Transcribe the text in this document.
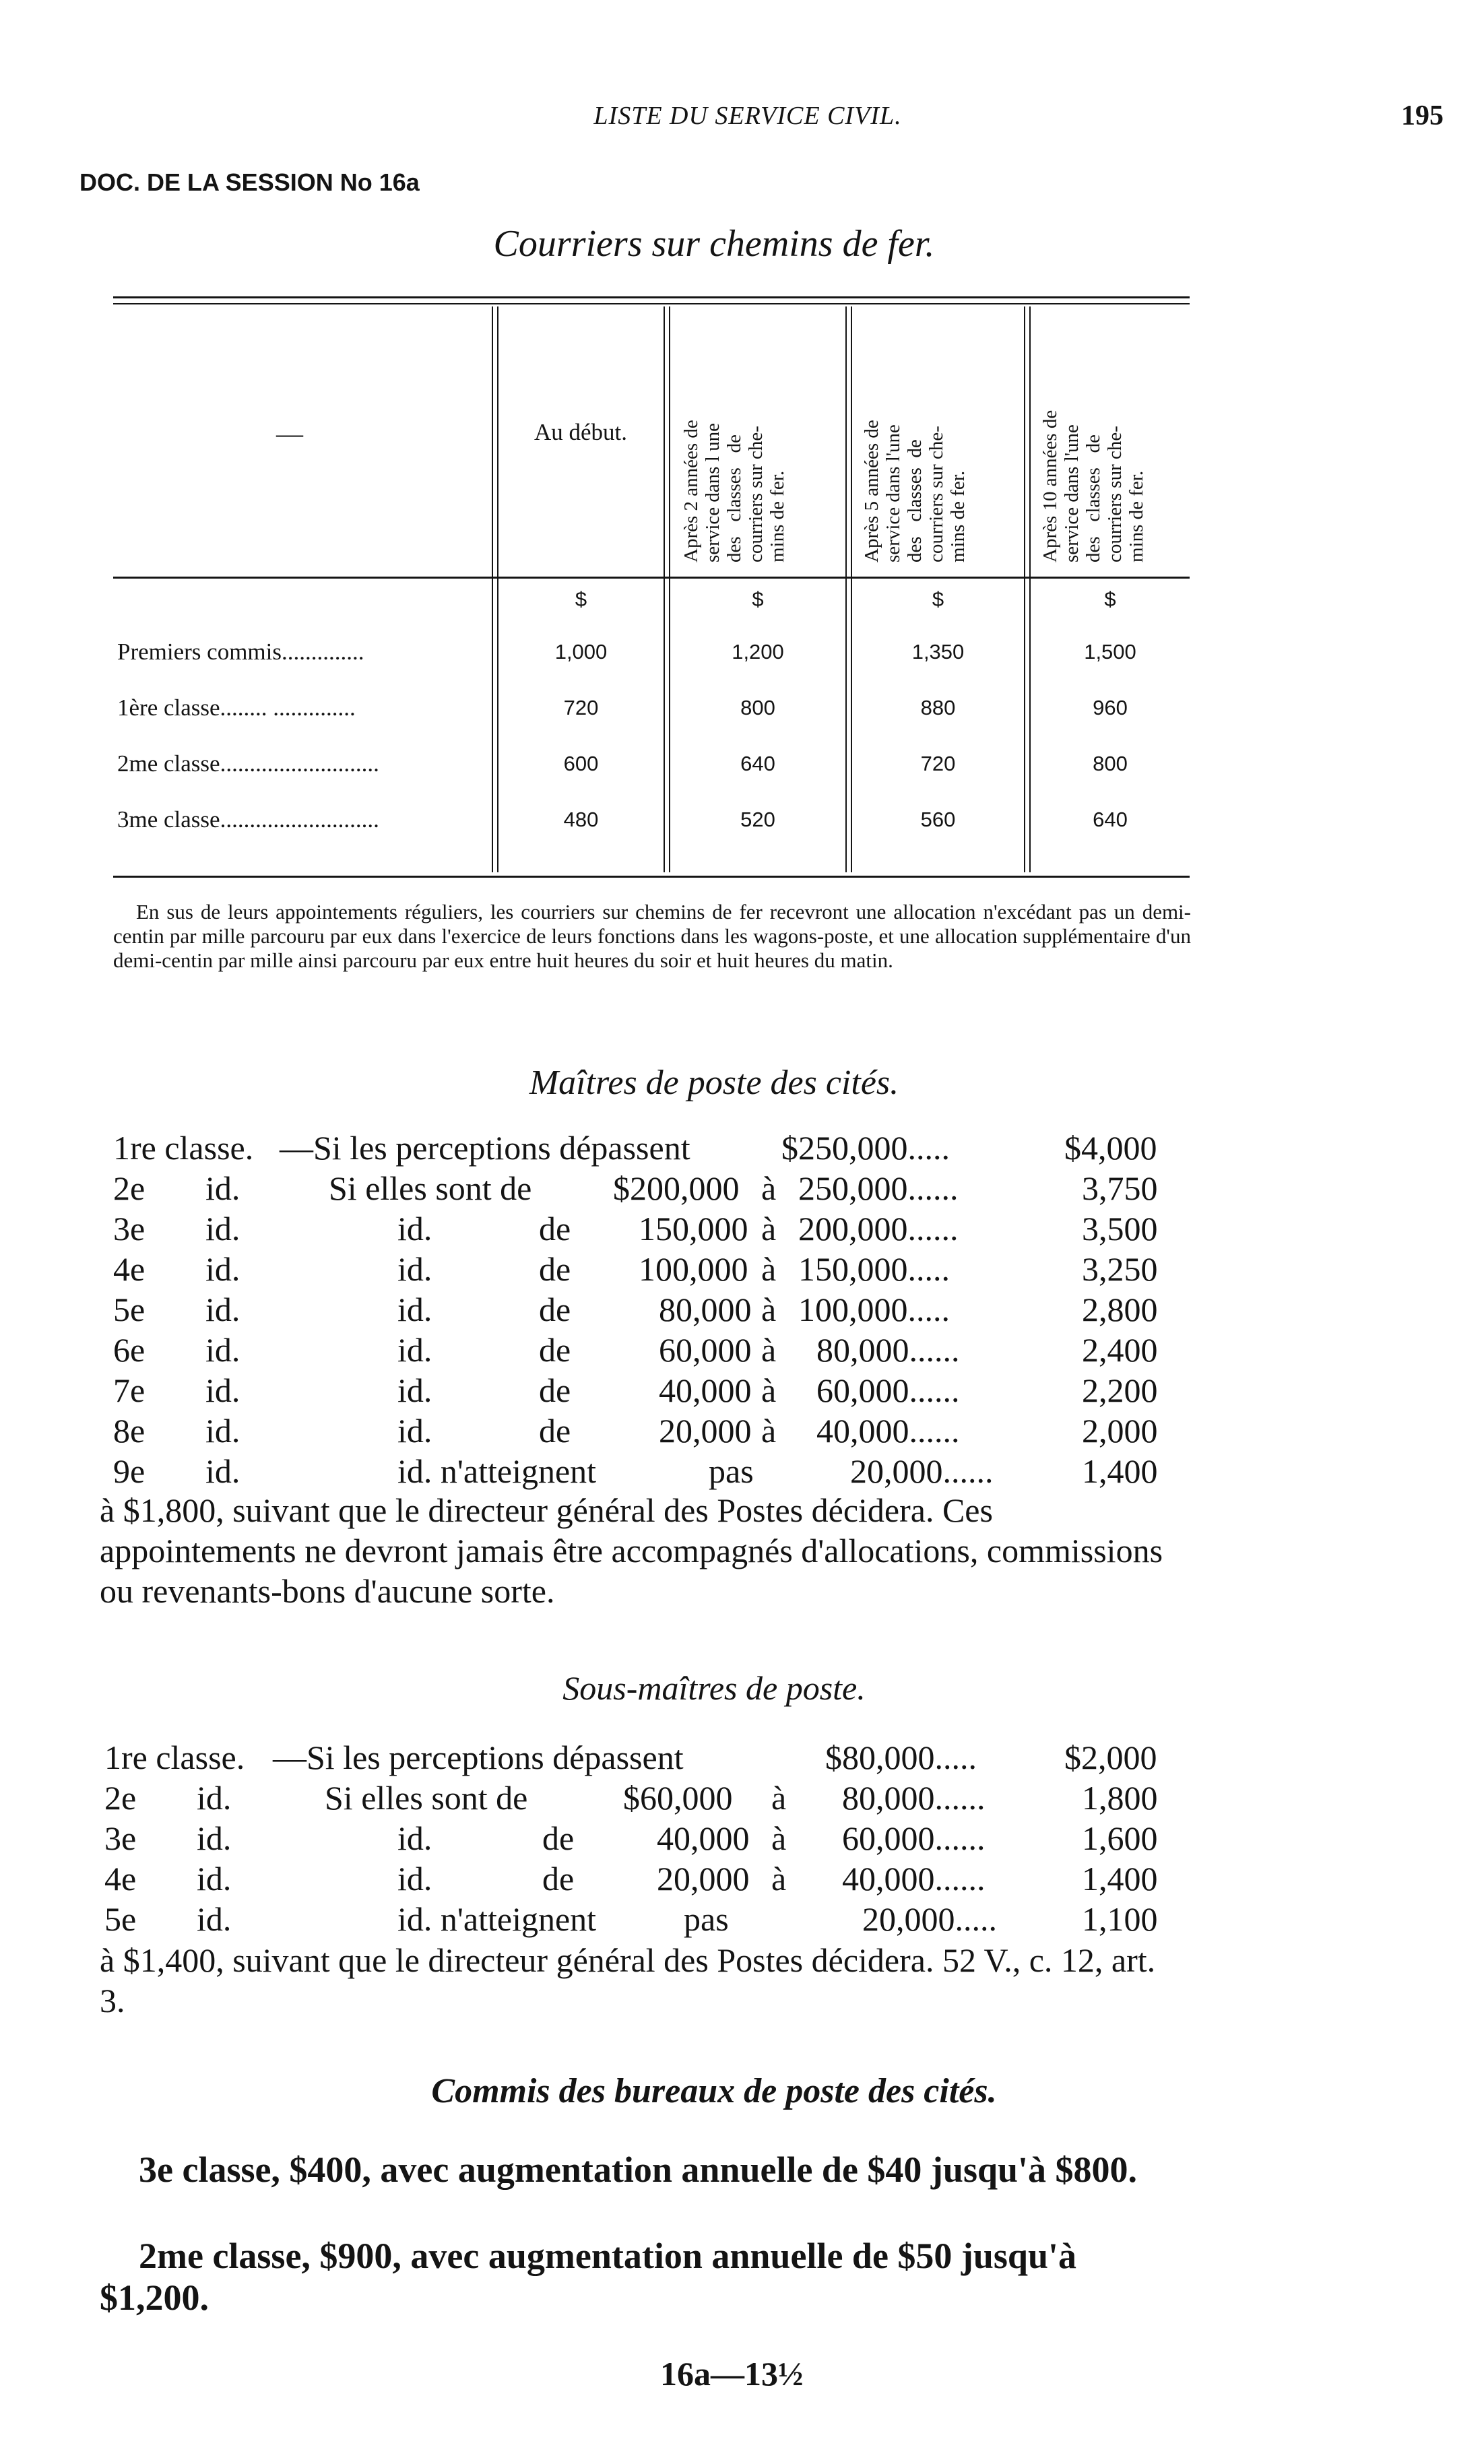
LISTE DU SERVICE CIVIL.	195
DOC. DE LA SESSION No 16a
Courriers sur chemins de fer.
—	Au début.
Après 2 années de
service dans l une
des   classes   de
courriers sur che-
mins de fer.
Après 5 années de
service dans l'une
des   classes  de
courriers sur che-
mins de fer.
Après 10 années de
service dans l'une
des   classes   de
courriers sur che-
mins de fer.
$	$	$	$
Premiers commis..............	1,000	1,200	1,350	1,500
1ère classe........ ..............	720	800	880	960
2me classe...........................	600	640	720	800
3me classe...........................	480	520	560	640

En sus de leurs appointements réguliers, les courriers sur chemins de fer recevront une allocation n'excédant pas un demi-centin par mille parcouru par eux dans l'exercice de leurs fonctions dans les wagons-poste, et une allocation supplémentaire d'un demi-centin par mille ainsi parcouru par eux entre huit heures du soir et huit heures du matin.

Maîtres de poste des cités.
1re classe. —Si les perceptions dépassent	$250,000.....	$4,000
2e id.	Si elles sont de $200,000 à 250,000......	3,750
3e id.	id.	de 150,000 à 200,000......	3,500
4e id.	id.	de 100,000 à 150,000.....	3,250
5e id.	id.	de	80,000 à 100,000.....	2,800
6e id.	id.	de	60,000 à 80,000......	2,400
7e id.	id.	de	40,000 à 60,000......	2,200
8e id.	id.	de	20,000 à 40,000......	2,000
9e id.	id. n'atteignent	pas	20,000......	1,400

à $1,800, suivant que le directeur général des Postes décidera. Ces appointements ne devront jamais être accompagnés d'allocations, commissions ou revenants-bons d'aucune sorte.

Sous-maîtres de poste.
1re classe. —Si les perceptions dépassent	$80,000.....	$2,000
2e id.	Si elles sont de	$60,000 à 80,000......	1,800
3e id.	id.	de 40,000 à 60,000......	1,600
4e id.	id.	de 20,000 à 40,000......	1,400
5e id.	id. n'atteignent	pas	20,000.....	1,100

à $1,400, suivant que le directeur général des Postes décidera. 52 V., c. 12, art. 3.

Commis des bureaux de poste des cités.

3e classe, $400, avec augmentation annuelle de $40 jusqu'à $800.

2me classe, $900, avec augmentation annuelle de $50 jusqu'à $1,200.

16a—13½
